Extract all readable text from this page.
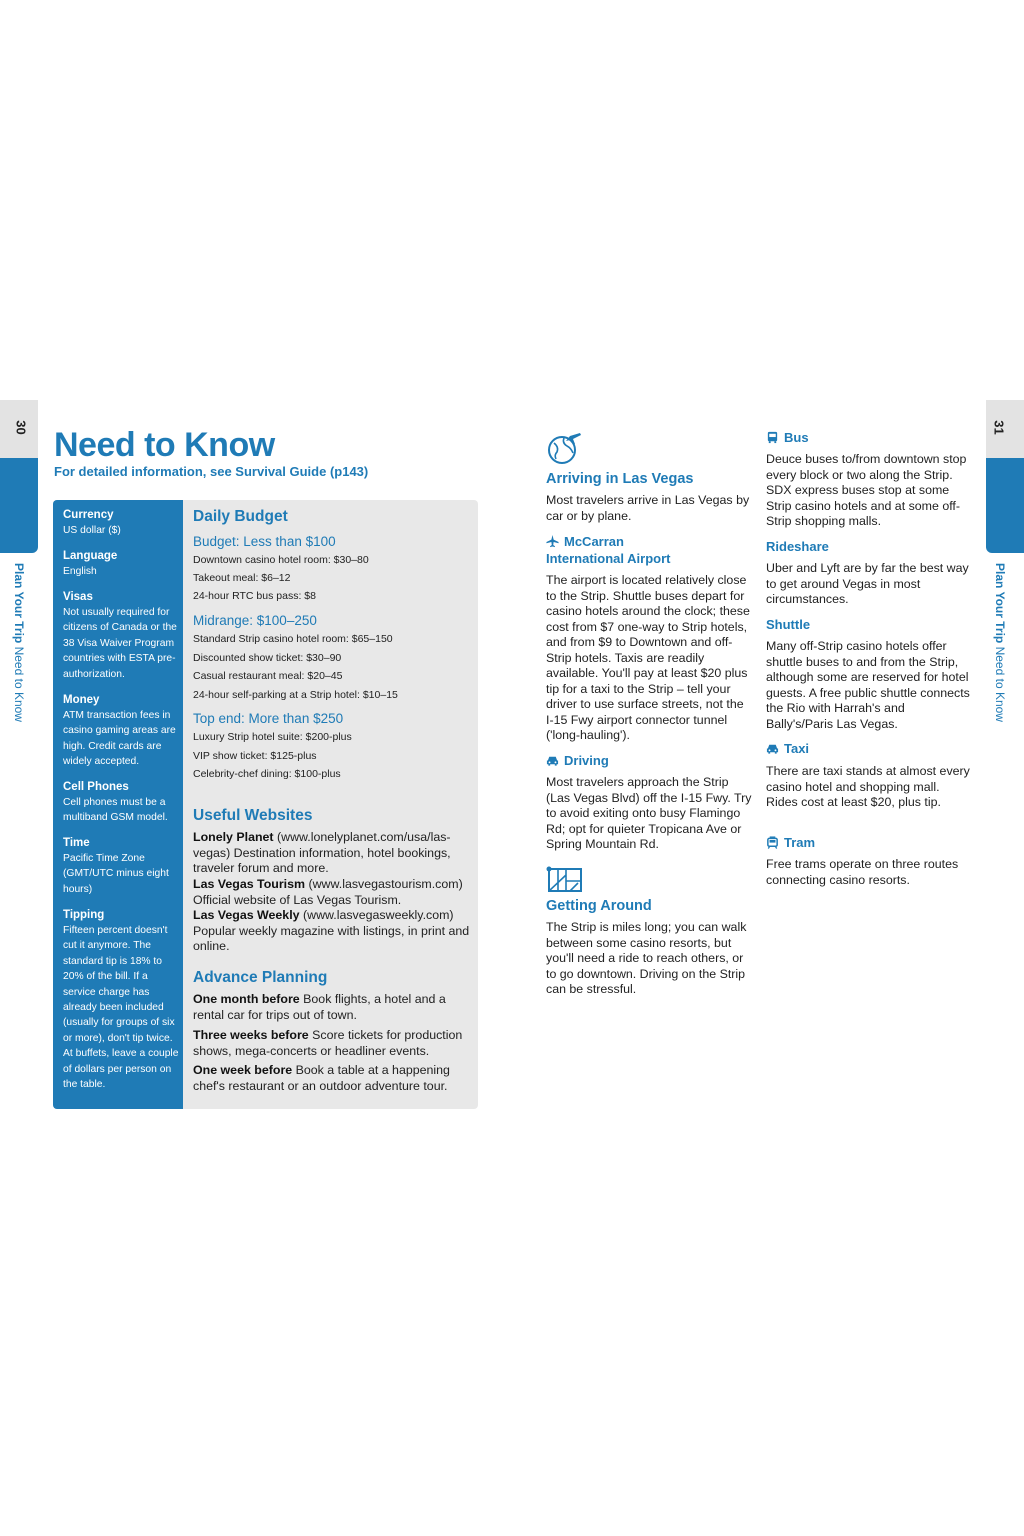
30
Plan Your Trip Need to Know
31
Plan Your Trip Need to Know
Need to Know

For detailed information, see Survival Guide (p143)

Currency

US dollar ($)

Language

English

Visas

Not usually required for citizens of Canada or the 38 Visa Waiver Program countries with ESTA pre-authorization.

Money

ATM transaction fees in casino gaming areas are high. Credit cards are widely accepted.

Cell Phones

Cell phones must be a multiband GSM model.

Time

Pacific Time Zone (GMT/UTC minus eight hours)

Tipping

Fifteen percent doesn't cut it anymore. The standard tip is 18% to 20% of the bill. If a service charge has already been included (usually for groups of six or more), don't tip twice. At buffets, leave a couple of dollars per person on the table.

Daily Budget
Budget: Less than $100

Downtown casino hotel room: $30–80

Takeout meal: $6–12

24-hour RTC bus pass: $8

Midrange: $100–250

Standard Strip casino hotel room: $65–150

Discounted show ticket: $30–90

Casual restaurant meal: $20–45

24-hour self-parking at a Strip hotel: $10–15

Top end: More than $250

Luxury Strip hotel suite: $200-plus

VIP show ticket: $125-plus

Celebrity-chef dining: $100-plus

Useful Websites

Lonely Planet (www.lonelyplanet.com/usa/las-vegas) Destination information, hotel bookings, traveler forum and more.

Las Vegas Tourism (www.lasvegastourism.com) Official website of Las Vegas Tourism.

Las Vegas Weekly (www.lasvegasweekly.com) Popular weekly magazine with listings, in print and online.

Advance Planning

One month before Book flights, a hotel and a rental car for trips out of town.

Three weeks before Score tickets for production shows, mega-concerts or headliner events.

One week before Book a table at a happening chef's restaurant or an outdoor adventure tour.

Arriving in Las Vegas

Most travelers arrive in Las Vegas by car or by plane.

McCarran
International Airport

The airport is located relatively close to the Strip. Shuttle buses depart for casino hotels around the clock; these cost from $7 one-way to Strip hotels, and from $9 to Downtown and off-Strip hotels. Taxis are readily available. You'll pay at least $20 plus tip for a taxi to the Strip – tell your driver to use surface streets, not the I-15 Fwy airport connector tunnel ('long-hauling').

Driving

Most travelers approach the Strip (Las Vegas Blvd) off the I-15 Fwy. Try to avoid exiting onto busy Flamingo Rd; opt for quieter Tropicana Ave or Spring Mountain Rd.

Getting Around

The Strip is miles long; you can walk between some casino resorts, but you'll need a ride to reach others, or to go downtown. Driving on the Strip can be stressful.

Bus

Deuce buses to/from downtown stop every block or two along the Strip. SDX express buses stop at some Strip casino hotels and at some off-Strip shopping malls.

Rideshare

Uber and Lyft are by far the best way to get around Vegas in most circumstances.

Shuttle

Many off-Strip casino hotels offer shuttle buses to and from the Strip, although some are reserved for hotel guests. A free public shuttle connects the Rio with Harrah's and Bally's/Paris Las Vegas.

Taxi

There are taxi stands at almost every casino hotel and shopping mall. Rides cost at least $20, plus tip.

Tram

Free trams operate on three routes connecting casino resorts.
